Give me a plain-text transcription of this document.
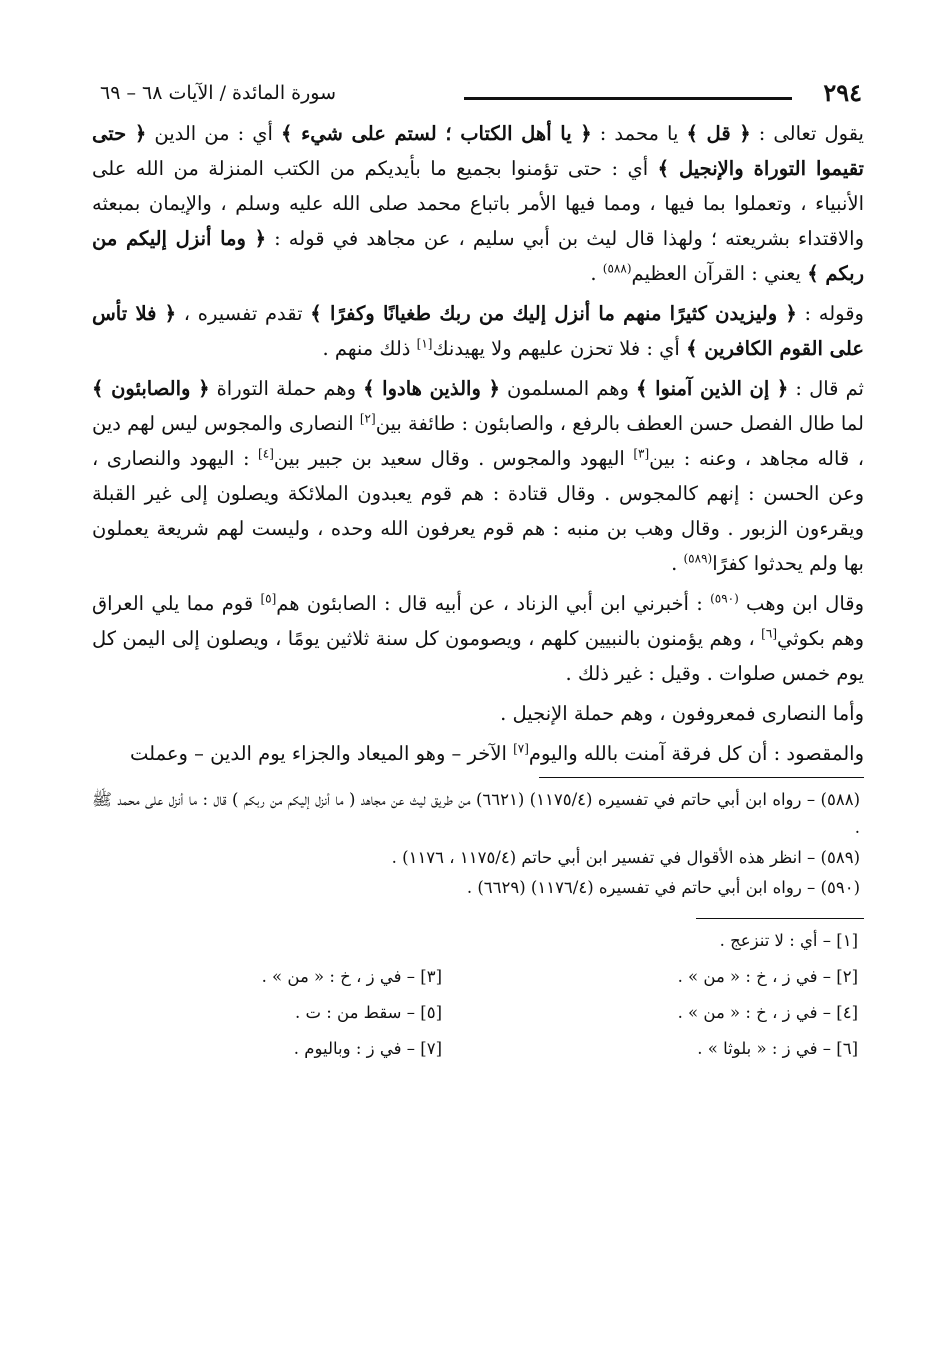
٢٩٤
سورة المائدة / الآيات ٦٨ – ٦٩

يقول تعالى : ﴿ قل ﴾ يا محمد : ﴿ يا أهل الكتاب ؛ لستم على شيء ﴾ أي : من الدين ﴿ حتى تقيموا التوراة والإنجيل ﴾ أي : حتى تؤمنوا بجميع ما بأيديكم من الكتب المنزلة من الله على الأنبياء ، وتعملوا بما فيها ، ومما فيها الأمر باتباع محمد صلى الله عليه وسلم ، والإيمان بمبعثه والاقتداء بشريعته ؛ ولهذا قال ليث بن أبي سليم ، عن مجاهد في قوله : ﴿ وما أنزل إليكم من ربكم ﴾ يعني : القرآن العظيم$^{(٥٨٨)}$ .

وقوله : ﴿ وليزيدن كثيرًا منهم ما أنزل إليك من ربك طغيانًا وكفرًا ﴾ تقدم تفسيره ، ﴿ فلا تأس على القوم الكافرين ﴾ أي : فلا تحزن عليهم ولا يهيدنك[١] ذلك منهم .

ثم قال : ﴿ إن الذين آمنوا ﴾ وهم المسلمون ﴿ والذين هادوا ﴾ وهم حملة التوراة ﴿ والصابئون ﴾ لما طال الفصل حسن العطف بالرفع ، والصابئون : طائفة بين[٢] النصارى والمجوس ليس لهم دين ، قاله مجاهد ، وعنه : بين[٣] اليهود والمجوس . وقال سعيد بن جبير بين[٤] : اليهود والنصارى ، وعن الحسن : إنهم كالمجوس . وقال قتادة : هم قوم يعبدون الملائكة ويصلون إلى غير القبلة ويقرءون الزبور . وقال وهب بن منبه : هم قوم يعرفون الله وحده ، وليست لهم شريعة يعملون بها ولم يحدثوا كفرًا$^{(٥٨٩)}$ .

وقال ابن وهب $^{(٥٩٠)}$ : أخبرني ابن أبي الزناد ، عن أبيه قال : الصابئون هم[٥] قوم مما يلي العراق وهم بكوثي[٦] ، وهم يؤمنون بالنبيين كلهم ، ويصومون كل سنة ثلاثين يومًا ، ويصلون إلى اليمن كل يوم خمس صلوات . وقيل : غير ذلك .

وأما النصارى فمعروفون ، وهم حملة الإنجيل .

والمقصود : أن كل فرقة آمنت بالله واليوم[٧] الآخر – وهو الميعاد والجزاء يوم الدين – وعملت

(٥٨٨) – رواه ابن أبي حاتم في تفسيره (١١٧٥/٤) (٦٦٢١) من طريق ليث عن مجاهد ( ما أنزل إليكم من ربكم ) قال : ما أنزل على محمد ﷺ .

(٥٨٩) – انظر هذه الأقوال في تفسير ابن أبي حاتم (١١٧٥/٤ ، ١١٧٦) .

(٥٩٠) – رواه ابن أبي حاتم في تفسيره (١١٧٦/٤) (٦٦٢٩) .

[١] – أي : لا تنزعج .
[٢] – في ز ، خ : « من » .
[٣] – في ز ، خ : « من » .
[٤] – في ز ، خ : « من » .
[٥] – سقط من : ت .
[٦] – في ز : « بلوثا » .
[٧] – في ز : وباليوم .
